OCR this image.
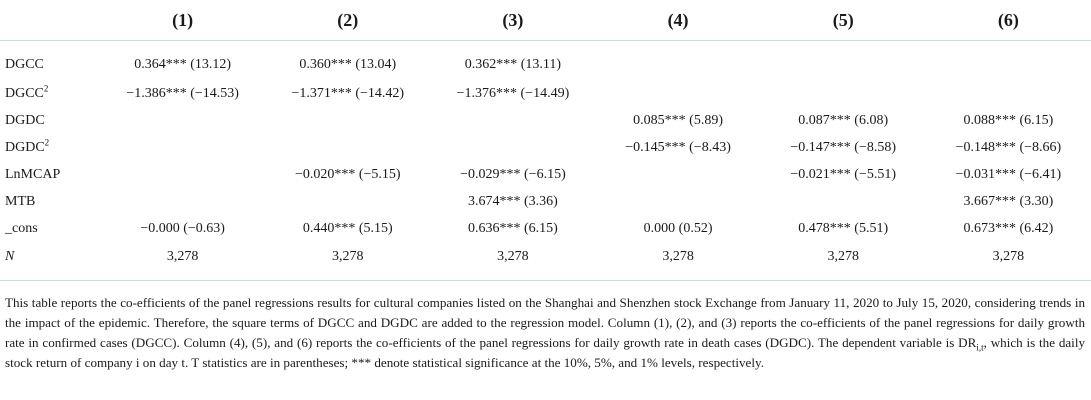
	(1)	(2)	(3)	(4)	(5)	(6)
DGCC	0.364*** (13.12)	0.360*** (13.04)	0.362*** (13.11)			
$DGCC^2$	−1.386*** (−14.53)	−1.371*** (−14.42)	−1.376*** (−14.49)			
DGDC				0.085*** (5.89)	0.087*** (6.08)	0.088*** (6.15)
DGDC$^2$				−0.145*** (−8.43)	−0.147*** (−8.58)	−0.148*** (−8.66)
LnMCAP		−0.020*** (−5.15)	−0.029*** (−6.15)		−0.021*** (−5.51)	−0.031*** (−6.41)
MTB			3.674*** (3.36)			3.667*** (3.30)
_cons	−0.000 (−0.63)	0.440*** (5.15)	0.636*** (6.15)	0.000 (0.52)	0.478*** (5.51)	0.673*** (6.42)
N	3,278	3,278	3,278	3,278	3,278	3,278
This table reports the co-efficients of the panel regressions results for cultural companies listed on the Shanghai and Shenzhen stock Exchange from January 11, 2020 to July 15, 2020, considering trends in the impact of the epidemic. Therefore, the square terms of DGCC and DGDC are added to the regression model. Column (1), (2), and (3) reports the co-efficients of the panel regressions for daily growth rate in confirmed cases (DGCC). Column (4), (5), and (6) reports the co-efficients of the panel regressions for daily growth rate in death cases (DGDC). The dependent variable is $DR_{i,t}$, which is the daily stock return of company i on day t. T statistics are in parentheses; *** denote statistical significance at the 10%, 5%, and 1% levels, respectively.
